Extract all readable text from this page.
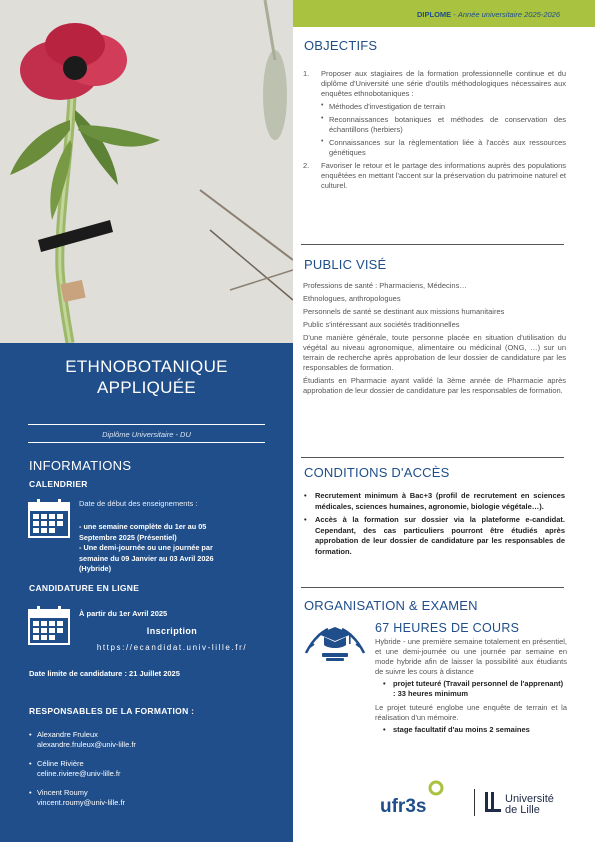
ETHNOBOTANIQUE
APPLIQUÉE
Diplôme Universitaire - DU
INFORMATIONS
CALENDRIER
Date de début des enseignements :
- une semaine complète du 1er au 05
Septembre 2025 (Présentiel)
- Une demi-journée ou une journée par
semaine du 09 Janvier au 03 Avril 2026
(Hybride)
CANDIDATURE EN LIGNE
À partir du 1er Avril 2025
Inscription
https://ecandidat.univ-lille.fr/
Date limite de candidature : 21 Juillet 2025
RESPONSABLES DE LA FORMATION :
• Alexandre Fruleux
alexandre.fruleux@univ-lille.fr
• Céline Rivière
celine.riviere@univ-lille.fr
• Vincent Roumy
vincent.roumy@univ-lille.fr
DIPLOME - Année universitaire 2025-2026
OBJECTIFS
1. Proposer aux stagiaires de la formation professionnelle continue et du diplôme d'Université une série d'outils méthodologiques nécessaires aux enquêtes ethnobotaniques :
• Méthodes d'investigation de terrain
• Reconnaissances botaniques et méthodes de conservation des échantillons (herbiers)
• Connaissances sur la règlementation liée à l'accès aux ressources génétiques
2. Favoriser le retour et le partage des informations auprès des populations enquêtées en mettant l'accent sur la préservation du patrimoine naturel et culturel.
PUBLIC VISÉ

Professions de santé : Pharmaciens, Médecins…

Ethnologues, anthropologues

Personnels de santé se destinant aux missions humanitaires

Public s'intéressant aux sociétés traditionnelles

D'une manière générale, toute personne placée en situation d'utilisation du végétal au niveau agronomique, alimentaire ou médicinal (ONG, …) sur un terrain de recherche après approbation de leur dossier de candidature par les responsables de formation.

Étudiants en Pharmacie ayant validé la 3ème année de Pharmacie après approbation de leur dossier de candidature par les responsables de formation.

CONDITIONS D'ACCÈS
• Recrutement minimum à Bac+3 (profil de recrutement en sciences médicales, sciences humaines, agronomie, biologie végétale…).
• Accès à la formation sur dossier via la plateforme e-candidat. Cependant, des cas particuliers pourront être étudiés après approbation de leur dossier de candidature par les responsables de formation.
ORGANISATION & EXAMEN
67 HEURES DE COURS

Hybride - une première semaine totalement en présentiel, et une demi-journée ou une journée par semaine en mode hybride afin de laisser la possibilité aux étudiants de suivre les cours à distance

• projet tuteuré (Travail personnel de l'apprenant) : 33 heures minimum

Le projet tuteuré englobe une enquête de terrain et la réalisation d'un mémoire.

• stage facultatif d'au moins 2 semaines
ufr3s	Université
de Lille
